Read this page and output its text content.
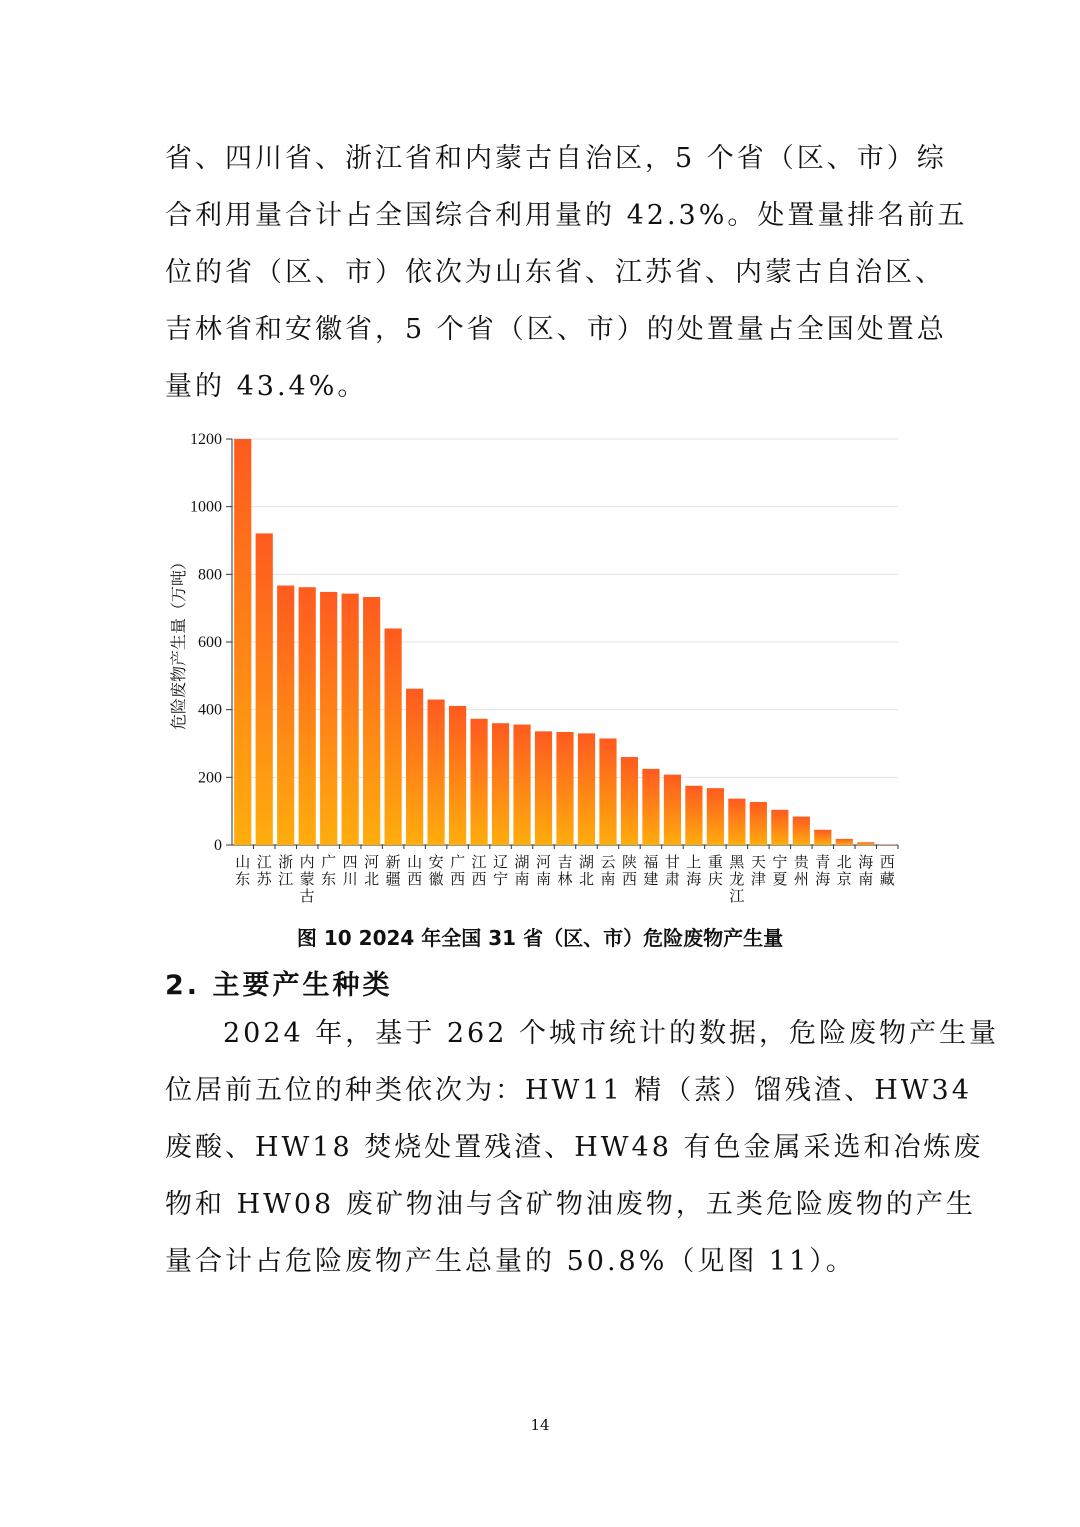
省、四川省、浙江省和内蒙古自治区，5 个省（区、市）综
合利用量合计占全国综合利用量的 42.3%。处置量排名前五
位的省（区、市）依次为山东省、江苏省、内蒙古自治区、
吉林省和安徽省，5 个省（区、市）的处置量占全国处置总
量的 43.4%。
0
200
400
600
800
1000
1200
危险废物产生量（万吨）
山东
江苏
浙江
内蒙古
广东
四川
河北
新疆
山西
安徽
广西
江西
辽宁
湖南
河南
吉林
湖北
云南
陕西
福建
甘肃
上海
重庆
黑龙江
天津
宁夏
贵州
青海
北京
海南
西藏

图 10 2024 年全国 31 省（区、市）危险废物产生量

2. 主要产生种类
2024 年，基于 262 个城市统计的数据，危险废物产生量
位居前五位的种类依次为：HW11 精（蒸）馏残渣、HW34
废酸、HW18 焚烧处置残渣、HW48 有色金属采选和冶炼废
物和 HW08 废矿物油与含矿物油废物，五类危险废物的产生
量合计占危险废物产生总量的 50.8%（见图 11）。

14
